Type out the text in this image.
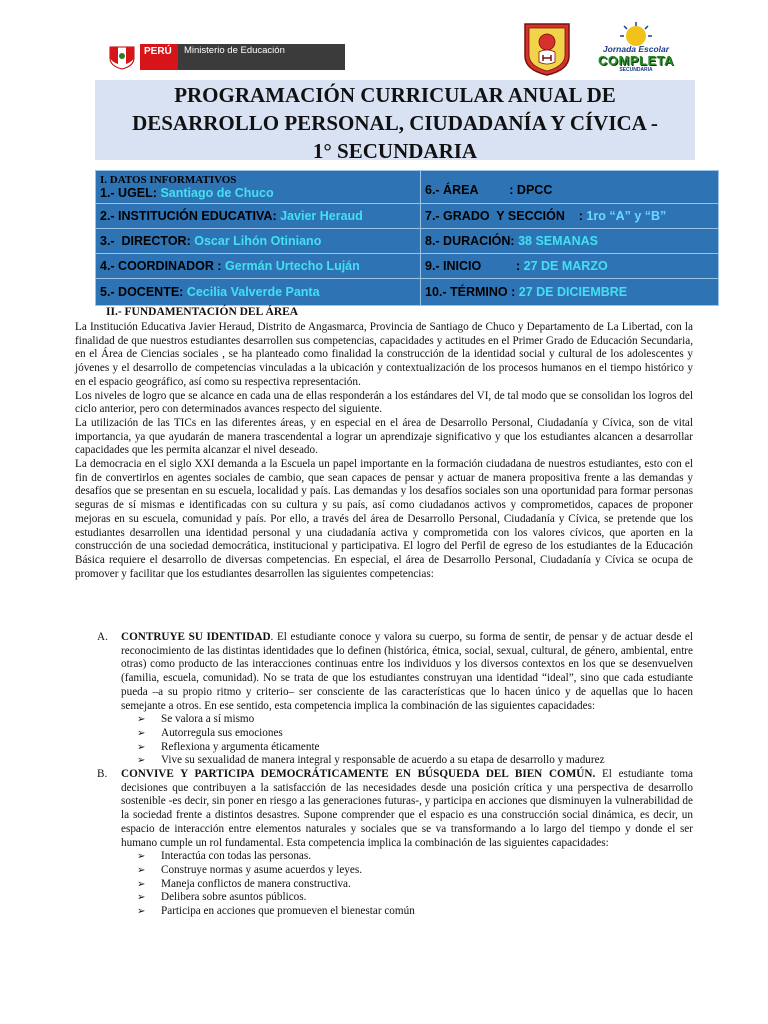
PERÚ	Ministerio de Educación	Jornada Escolar
COMPLETA
SECUNDARIA
PROGRAMACIÓN CURRICULAR ANUAL DE
DESARROLLO PERSONAL, CIUDADANÍA Y CÍVICA -
1° SECUNDARIA
I. DATOS INFORMATIVOS
1.- UGEL: Santiago de Chuco	6.- ÁREA         : DPCC
2.- INSTITUCIÓN EDUCATIVA: Javier Heraud	7.- GRADO  Y SECCIÓN    : 1ro “A” y “B”
3.-  DIRECTOR: Oscar Lihón Otiniano	8.- DURACIÓN: 38 SEMANAS
4.- COORDINADOR : Germán Urtecho Luján	9.- INICIO          : 27 DE MARZO
5.- DOCENTE: Cecilia Valverde Panta	10.- TÉRMINO : 27 DE DICIEMBRE
II.- FUNDAMENTACIÓN DEL ÁREA

La Institución Educativa Javier Heraud, Distrito de Angasmarca, Provincia de Santiago de Chuco y Departamento de La Libertad, con la finalidad de que nuestros estudiantes desarrollen sus competencias, capacidades y actitudes en el Primer Grado de Educación Secundaria, en el Área de Ciencias sociales , se ha planteado como finalidad la construcción de la identidad social y cultural de los adolescentes y jóvenes y el desarrollo de competencias vinculadas a la ubicación y contextualización de los procesos humanos en el tiempo histórico y en el espacio geográfico, así como su respectiva representación.

Los niveles de logro que se alcance en cada una de ellas responderán a los estándares del VI, de tal modo que se consolidan los logros del ciclo anterior, pero con determinados avances respecto del siguiente.

La utilización de las TICs en las diferentes áreas, y en especial en el área de Desarrollo Personal, Ciudadanía y Cívica, son de vital importancia, ya que ayudarán de manera trascendental a lograr un aprendizaje significativo y que los estudiantes alcancen a desarrollar capacidades que les permita alcanzar el nivel deseado.

La democracia en el siglo XXI demanda a la Escuela un papel importante en la formación ciudadana de nuestros estudiantes, esto con el fin de convertirlos en agentes sociales de cambio, que sean capaces de pensar y actuar de manera propositiva frente a las demandas y desafíos que se presentan en su escuela, localidad y país. Las demandas y los desafíos sociales son una oportunidad para formar personas seguras de sí mismas e identificadas con su cultura y su país, así como ciudadanos activos y comprometidos, capaces de proponer mejoras en su escuela, comunidad y país. Por ello, a través del área de Desarrollo Personal, Ciudadanía y Cívica, se pretende que los estudiantes desarrollen una identidad personal y una ciudadanía activa y comprometida con los valores cívicos, que aporten en la construcción de una sociedad democrática, institucional y participativa. El logro del Perfil de egreso de los estudiantes de la Educación Básica requiere el desarrollo de diversas competencias. En especial, el área de Desarrollo Personal, Ciudadanía y Cívica se ocupa de promover y facilitar que los estudiantes desarrollen las siguientes competencias:

A.	CONTRUYE SU IDENTIDAD. El estudiante conoce y valora su cuerpo, su forma de sentir, de pensar y de actuar desde el reconocimiento de las distintas identidades que lo definen (histórica, étnica, social, sexual, cultural, de género, ambiental, entre otras) como producto de las interacciones continuas entre los individuos y los diversos contextos en los que se desenvuelven (familia, escuela, comunidad). No se trata de que los estudiantes construyan una identidad “ideal”, sino que cada estudiante pueda –a su propio ritmo y criterio– ser consciente de las características que lo hacen único y de aquellas que lo hacen semejante a otros. En ese sentido, esta competencia implica la combinación de las siguientes capacidades:
➢ Se valora a sí mismo
➢ Autorregula sus emociones
➢ Reflexiona y argumenta éticamente
➢ Vive su sexualidad de manera integral y responsable de acuerdo a su etapa de desarrollo y madurez
B.	CONVIVE Y PARTICIPA DEMOCRÁTICAMENTE EN BÚSQUEDA DEL BIEN COMÚN. El estudiante toma decisiones que contribuyen a la satisfacción de las necesidades desde una posición crítica y una perspectiva de desarrollo sostenible -es decir, sin poner en riesgo a las generaciones futuras-, y participa en acciones que disminuyen la vulnerabilidad de la sociedad frente a distintos desastres. Supone comprender que el espacio es una construcción social dinámica, es decir, un espacio de interacción entre elementos naturales y sociales que se va transformando a lo largo del tiempo y donde el ser humano cumple un rol fundamental. Esta competencia implica la combinación de las siguientes capacidades:
➢ Interactúa con todas las personas.
➢ Construye normas y asume acuerdos y leyes.
➢ Maneja conflictos de manera constructiva.
➢ Delibera sobre asuntos públicos.
➢ Participa en acciones que promueven el bienestar común
